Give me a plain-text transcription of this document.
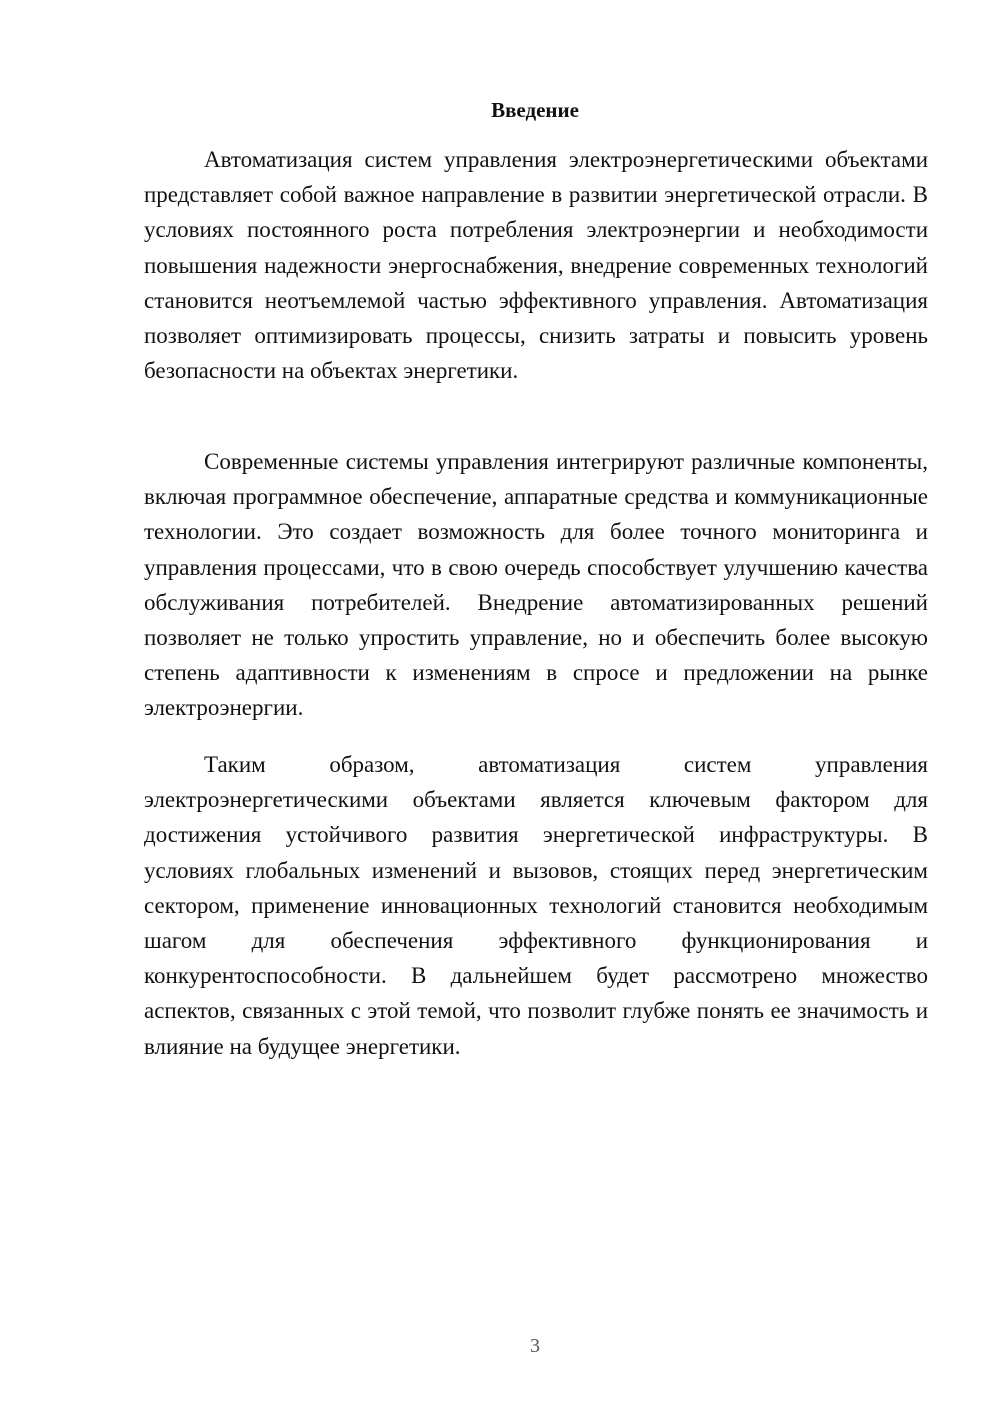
Введение

Автоматизация систем управления электроэнергетическими объектами представляет собой важное направление в развитии энергетической отрасли. В условиях постоянного роста потребления электроэнергии и необходимости повышения надежности энергоснабжения, внедрение современных технологий становится неотъемлемой частью эффективного управления. Автоматизация позволяет оптимизировать процессы, снизить затраты и повысить уровень безопасности на объектах энергетики.

Современные системы управления интегрируют различные компоненты, включая программное обеспечение, аппаратные средства и коммуникационные технологии. Это создает возможность для более точного мониторинга и управления процессами, что в свою очередь способствует улучшению качества обслуживания потребителей. Внедрение автоматизированных решений позволяет не только упростить управление, но и обеспечить более высокую степень адаптивности к изменениям в спросе и предложении на рынке электроэнергии.

Таким образом, автоматизация систем управления электроэнергетическими объектами является ключевым фактором для достижения устойчивого развития энергетической инфраструктуры. В условиях глобальных изменений и вызовов, стоящих перед энергетическим сектором, применение инновационных технологий становится необходимым шагом для обеспечения эффективного функционирования и конкурентоспособности. В дальнейшем будет рассмотрено множество аспектов, связанных с этой темой, что позволит глубже понять ее значимость и влияние на будущее энергетики.

3
